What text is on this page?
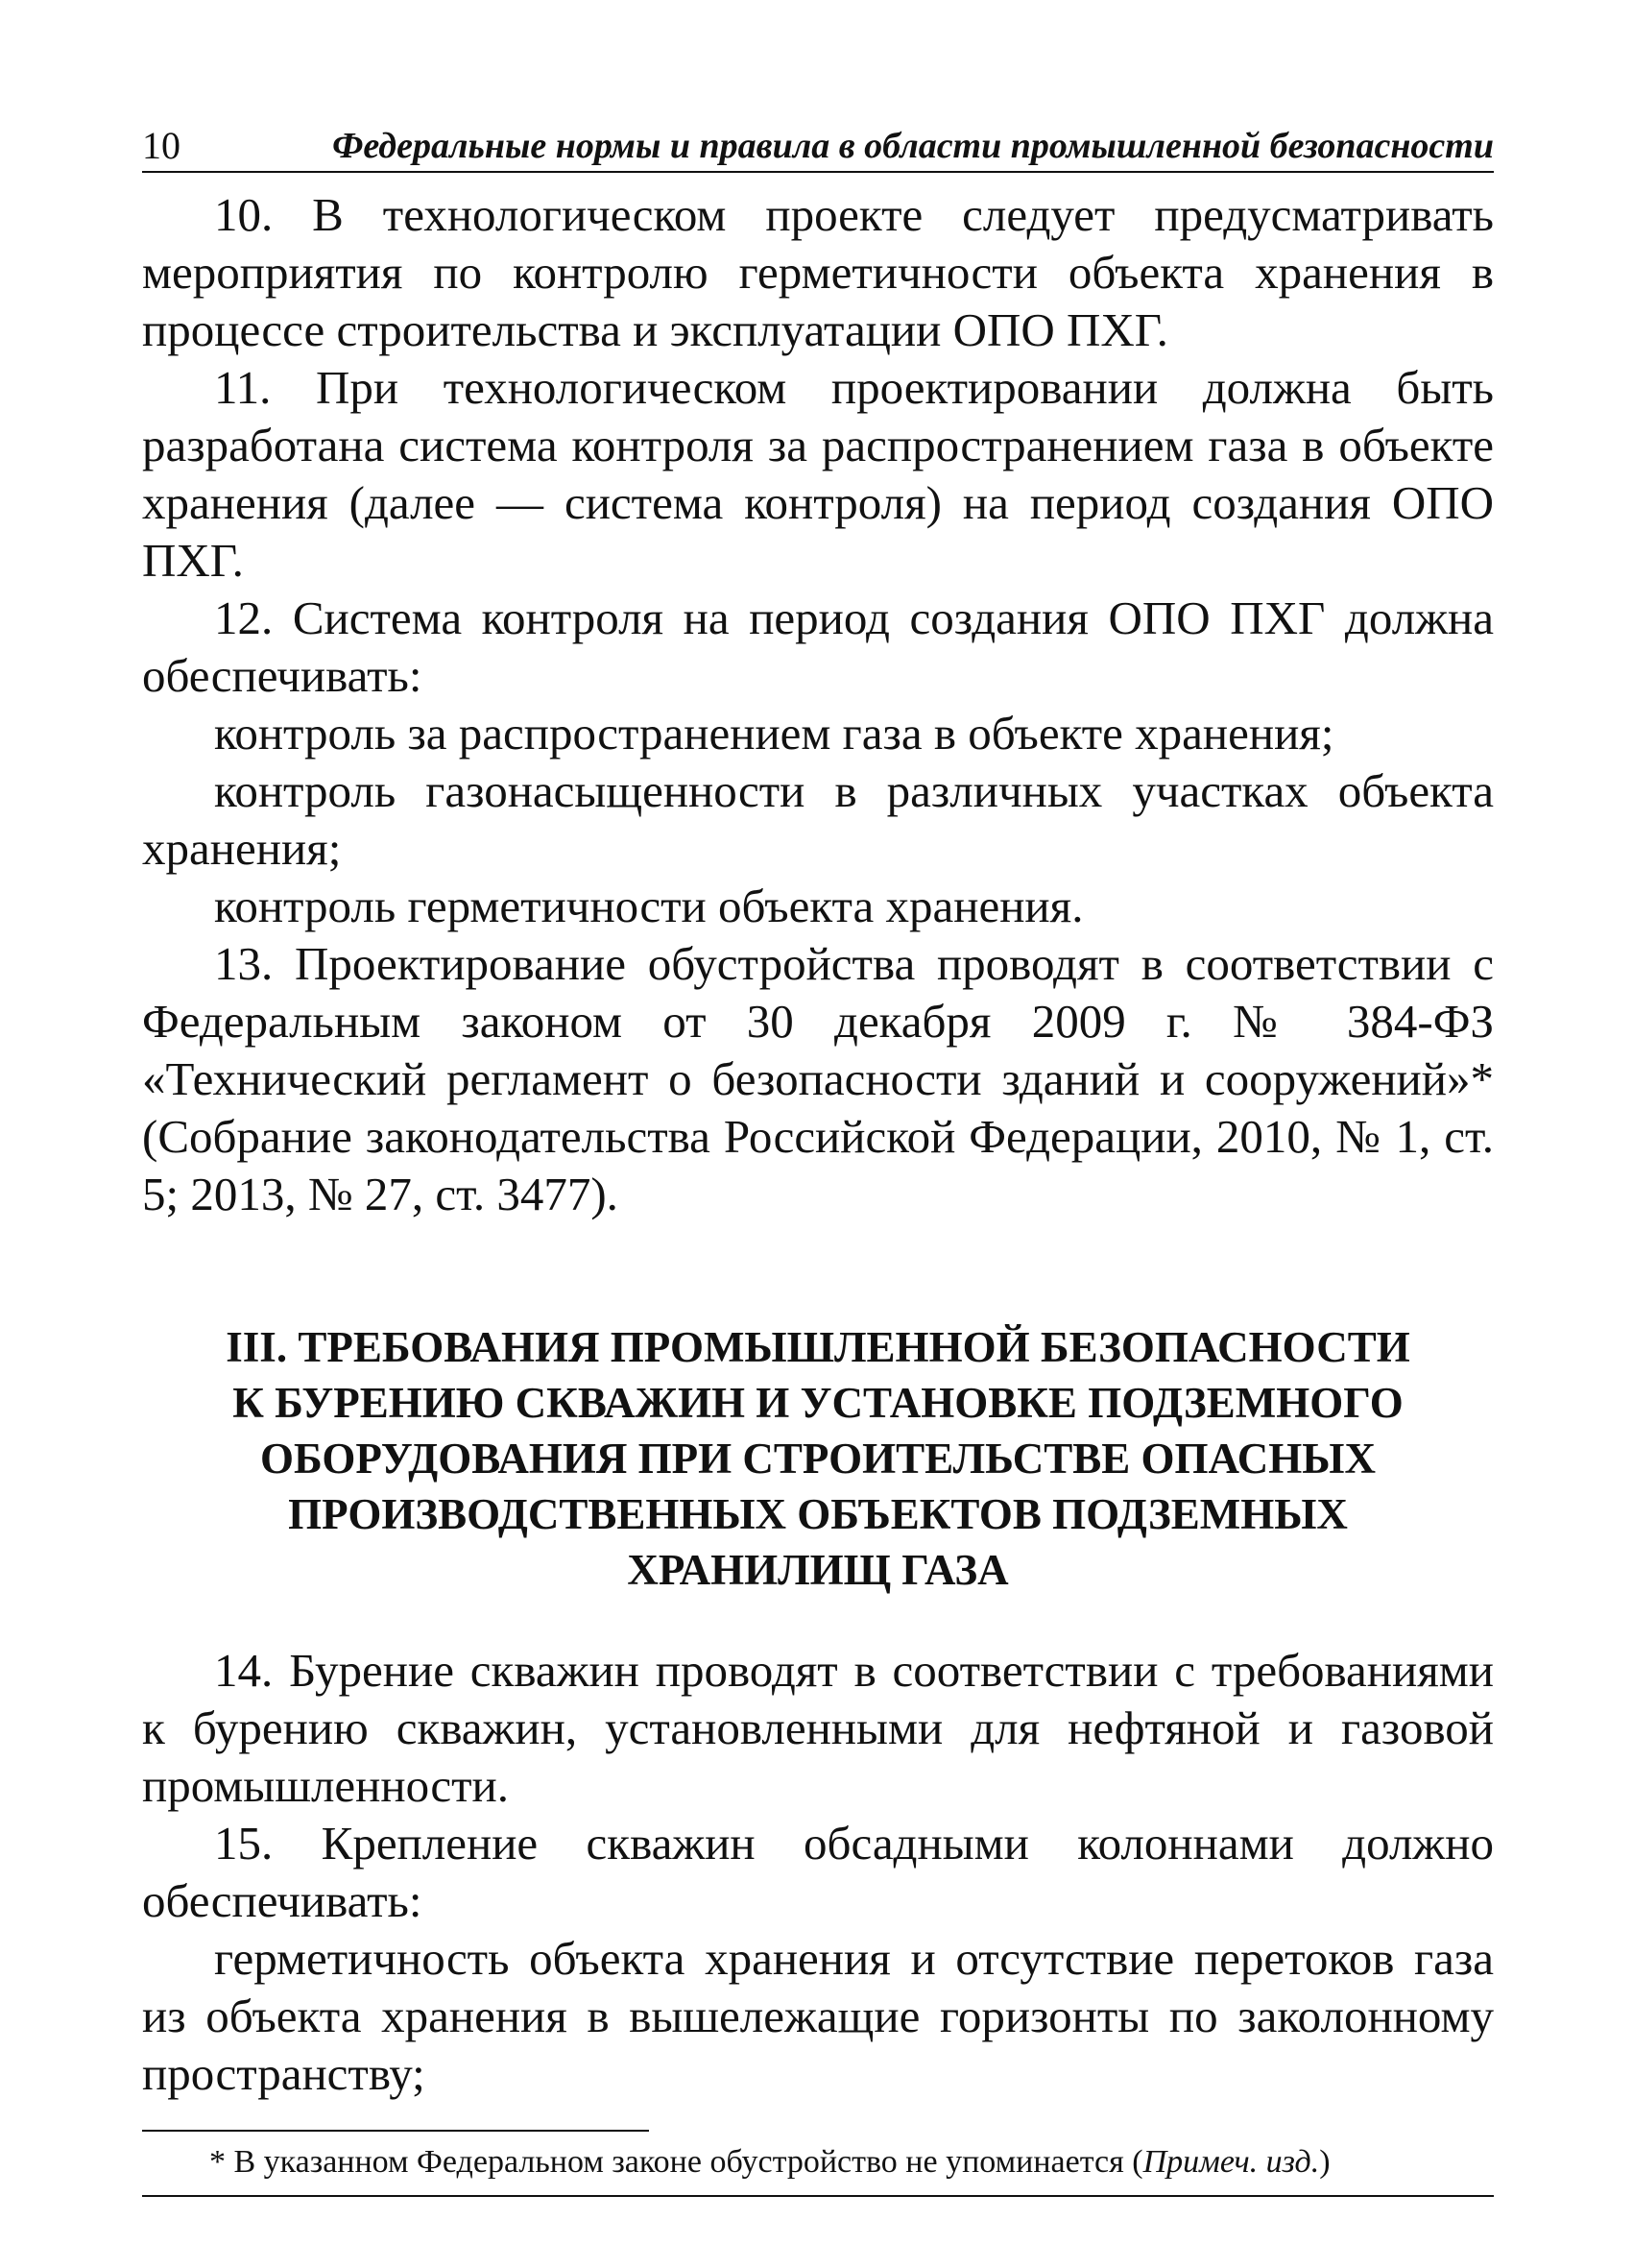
10	Федеральные нормы и правила в области промышленной безопасности

10. В технологическом проекте следует предусматривать мероприятия по контролю герметичности объекта хранения в процессе строительства и эксплуатации ОПО ПХГ.

11. При технологическом проектировании должна быть разработана система контроля за распространением газа в объекте хранения (далее — система контроля) на период создания ОПО ПХГ.

12. Система контроля на период создания ОПО ПХГ должна обеспечивать:

контроль за распространением газа в объекте хранения;

контроль газонасыщенности в различных участках объекта хранения;

контроль герметичности объекта хранения.

13. Проектирование обустройства проводят в соответствии с Федеральным законом от 30 декабря 2009 г. № 384-ФЗ «Технический регламент о безопасности зданий и сооружений»* (Собрание законодательства Российской Федерации, 2010, № 1, ст. 5; 2013, № 27, ст. 3477).

III. ТРЕБОВАНИЯ ПРОМЫШЛЕННОЙ БЕЗОПАСНОСТИ
К БУРЕНИЮ СКВАЖИН И УСТАНОВКЕ ПОДЗЕМНОГО
ОБОРУДОВАНИЯ ПРИ СТРОИТЕЛЬСТВЕ ОПАСНЫХ
ПРОИЗВОДСТВЕННЫХ ОБЪЕКТОВ ПОДЗЕМНЫХ
ХРАНИЛИЩ ГАЗА

14. Бурение скважин проводят в соответствии с требованиями к бурению скважин, установленными для нефтяной и газовой промышленности.

15. Крепление скважин обсадными колоннами должно обеспечивать:

герметичность объекта хранения и отсутствие перетоков газа из объекта хранения в вышележащие горизонты по заколонному пространству;

* В указанном Федеральном законе обустройство не упоминается (Примеч. изд.)
